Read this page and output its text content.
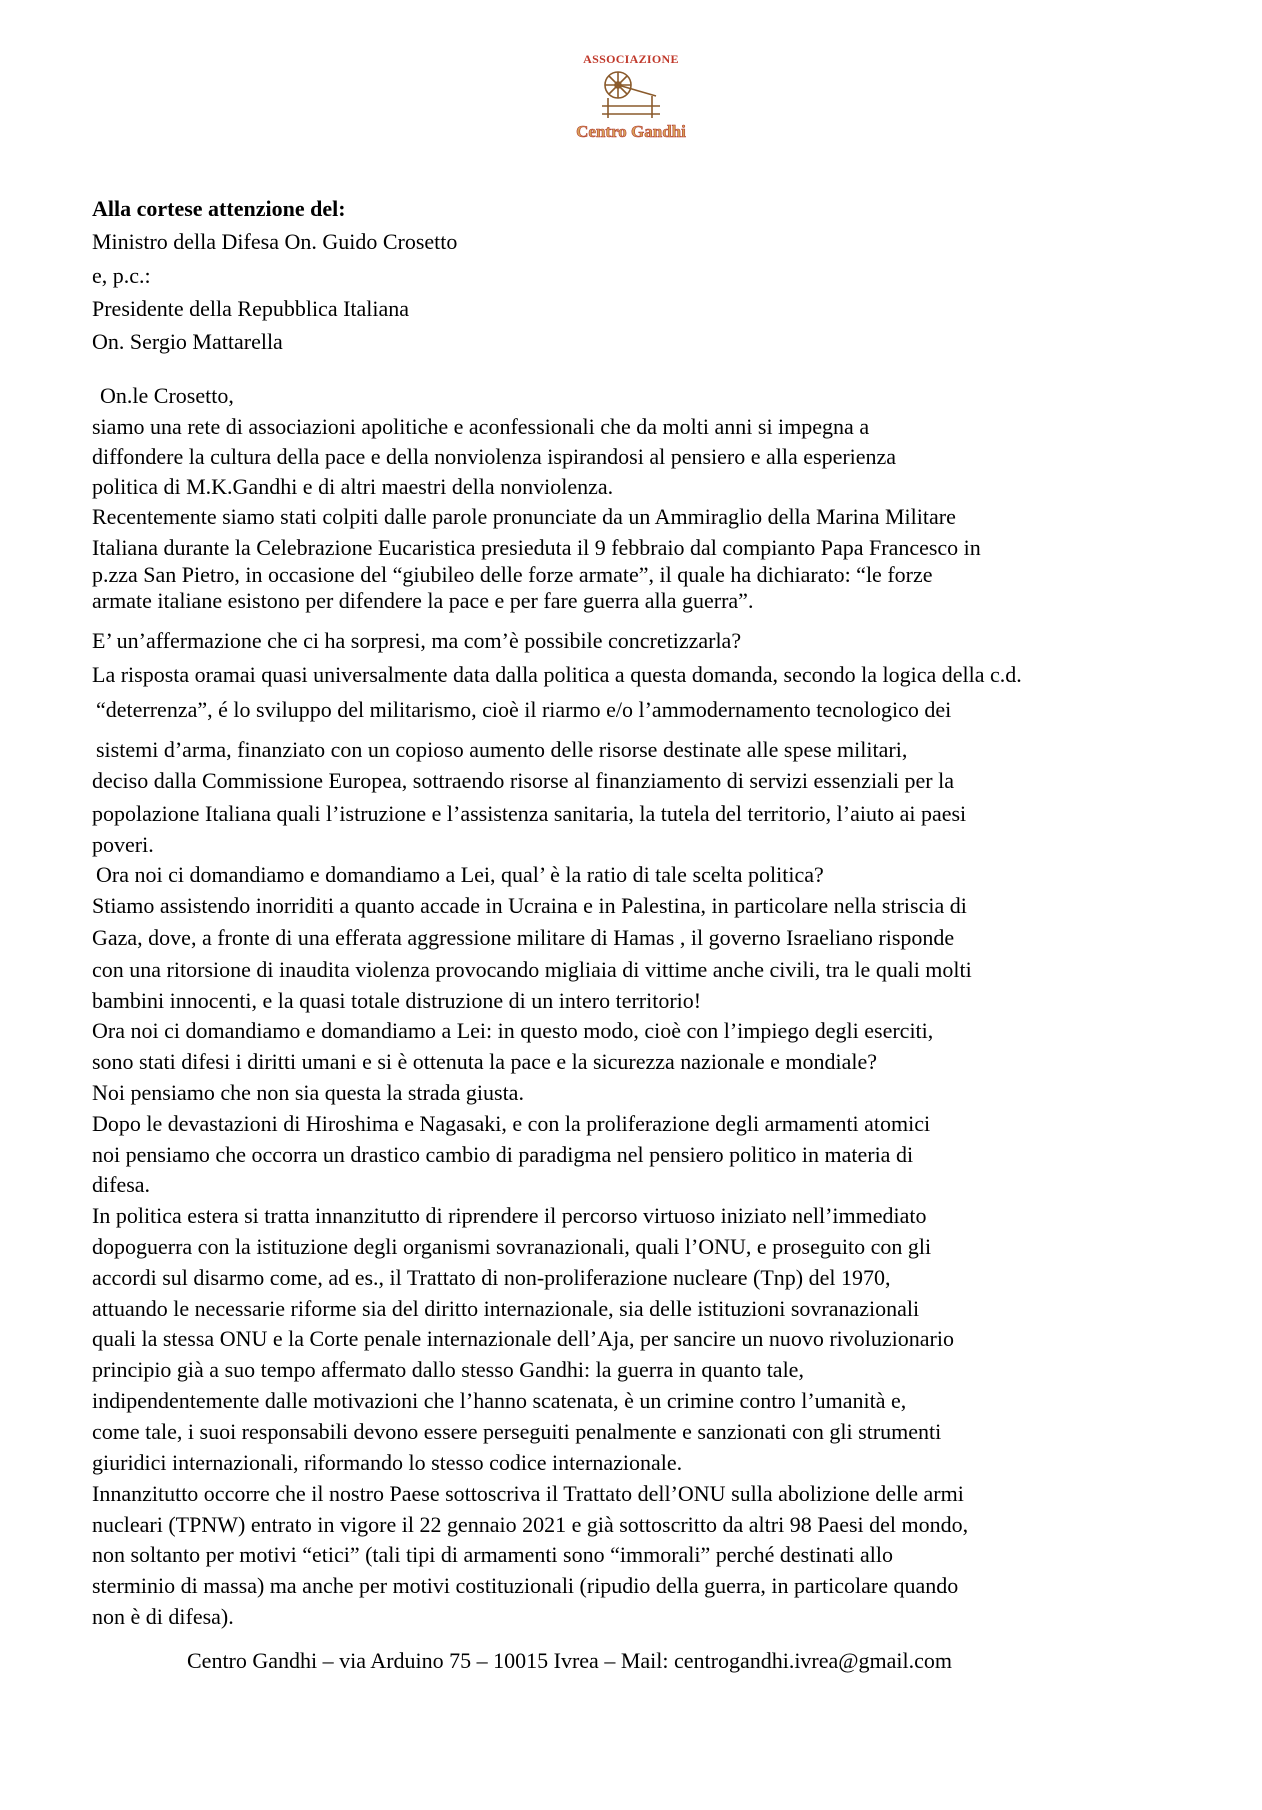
ASSOCIAZIONE
Centro Gandhi
Alla cortese attenzione del:
Ministro della Difesa On. Guido Crosetto
e, p.c.:
Presidente della Repubblica Italiana
On. Sergio Mattarella
On.le Crosetto,
siamo una rete di associazioni apolitiche e aconfessionali che da molti anni si impegna a
diffondere la cultura della pace e della nonviolenza ispirandosi al pensiero e alla esperienza
politica di M.K.Gandhi e di altri maestri della nonviolenza.
Recentemente siamo stati colpiti dalle parole pronunciate da un Ammiraglio della Marina Militare
Italiana durante la Celebrazione Eucaristica presieduta il 9 febbraio dal compianto Papa Francesco in
p.zza San Pietro, in occasione del “giubileo delle forze armate”, il quale ha dichiarato: “le forze
armate italiane esistono per difendere la pace e per fare guerra alla guerra”.
E’ un’affermazione che ci ha sorpresi, ma com’è possibile concretizzarla?
La risposta oramai quasi universalmente data dalla politica a questa domanda, secondo la logica della c.d.
“deterrenza”, é lo sviluppo del militarismo, cioè il riarmo e/o l’ammodernamento tecnologico dei
sistemi d’arma, finanziato con un copioso aumento delle risorse destinate alle spese militari,
deciso dalla Commissione Europea, sottraendo risorse al finanziamento di servizi essenziali per la
popolazione Italiana quali l’istruzione e l’assistenza sanitaria, la tutela del territorio, l’aiuto ai paesi
poveri.
Ora noi ci domandiamo e domandiamo a Lei, qual’ è la ratio di tale scelta politica?
Stiamo assistendo inorriditi a quanto accade in Ucraina e in Palestina, in particolare nella striscia di
Gaza, dove, a fronte di una efferata aggressione militare di Hamas , il governo Israeliano risponde
con una ritorsione di inaudita violenza provocando migliaia di vittime anche civili, tra le quali molti
bambini innocenti, e la quasi totale distruzione di un intero territorio!
Ora noi ci domandiamo e domandiamo a Lei: in questo modo, cioè con l’impiego degli eserciti,
sono stati difesi i diritti umani e si è ottenuta la pace e la sicurezza nazionale e mondiale?
Noi pensiamo che non sia questa la strada giusta.
Dopo le devastazioni di Hiroshima e Nagasaki, e con la proliferazione degli armamenti atomici
noi pensiamo che occorra un drastico cambio di paradigma nel pensiero politico in materia di
difesa.
In politica estera si tratta innanzitutto di riprendere il percorso virtuoso iniziato nell’immediato
dopoguerra con la istituzione degli organismi sovranazionali, quali l’ONU, e proseguito con gli
accordi sul disarmo come, ad es., il Trattato di non-proliferazione nucleare (Tnp) del 1970,
attuando le necessarie riforme sia del diritto internazionale, sia delle istituzioni sovranazionali
quali la stessa ONU e la Corte penale internazionale dell’Aja, per sancire un nuovo rivoluzionario
principio già a suo tempo affermato dallo stesso Gandhi: la guerra in quanto tale,
indipendentemente dalle motivazioni che l’hanno scatenata, è un crimine contro l’umanità e,
come tale, i suoi responsabili devono essere perseguiti penalmente e sanzionati con gli strumenti
giuridici internazionali, riformando lo stesso codice internazionale.
Innanzitutto occorre che il nostro Paese sottoscriva il Trattato dell’ONU sulla abolizione delle armi
nucleari (TPNW) entrato in vigore il 22 gennaio 2021 e già sottoscritto da altri 98 Paesi del mondo,
non soltanto per motivi “etici” (tali tipi di armamenti sono “immorali” perché destinati allo
sterminio di massa) ma anche per motivi costituzionali (ripudio della guerra, in particolare quando
non è di difesa).
Centro Gandhi – via Arduino 75 – 10015 Ivrea – Mail: centrogandhi.ivrea@gmail.com
